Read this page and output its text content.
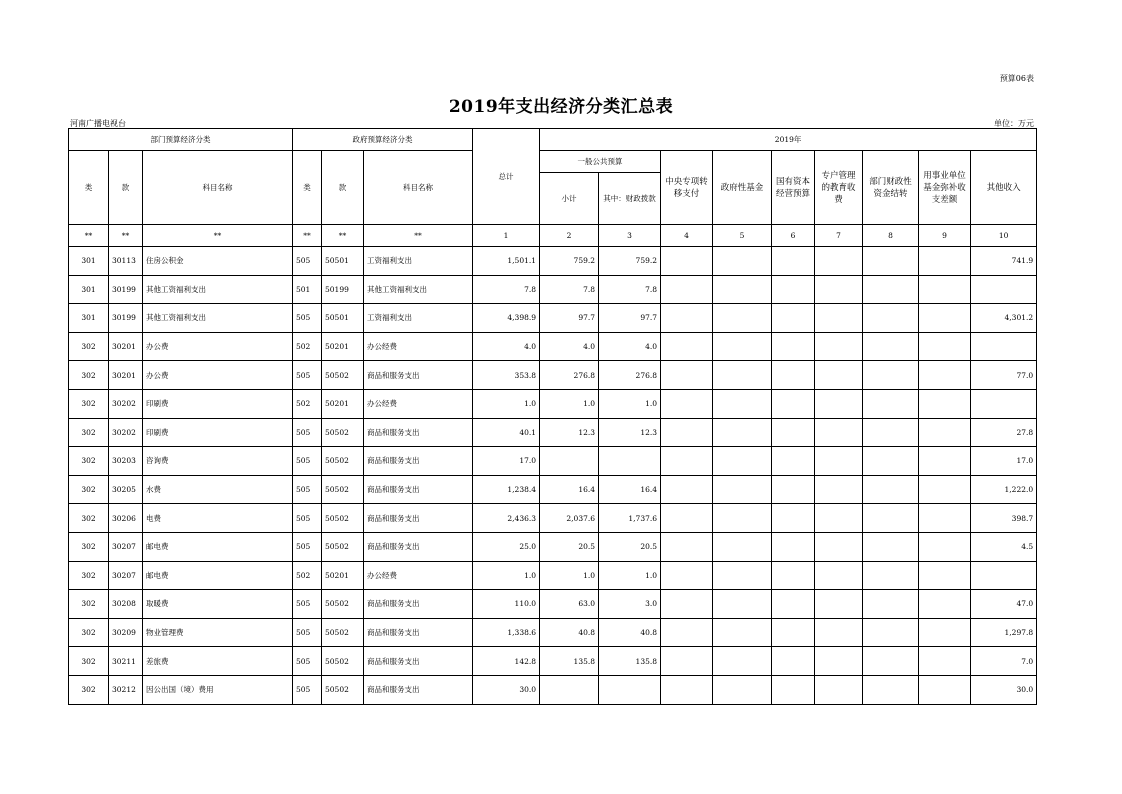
预算06表
2019年支出经济分类汇总表
河南广播电视台	单位：万元
部门预算经济分类			政府预算经济分类			总计	2019年								
类	款	科目名称	类	款	科目名称		一般公共预算		中央专项转移支付	政府性基金	国有资本经营预算	专户管理的教育收费	部门财政性资金结转	用事业单位基金弥补收支差额	其他收入
							小计	其中：财政拨款							
**	**	**	**	**	**	1	2	3	4	5	6	7	8	9	10
301	30113	住房公积金	505	50501	工资福利支出	1,501.1	759.2	759.2							741.9
301	30199	其他工资福利支出	501	50199	其他工资福利支出	7.8	7.8	7.8							
301	30199	其他工资福利支出	505	50501	工资福利支出	4,398.9	97.7	97.7							4,301.2
302	30201	办公费	502	50201	办公经费	4.0	4.0	4.0							
302	30201	办公费	505	50502	商品和服务支出	353.8	276.8	276.8							77.0
302	30202	印刷费	502	50201	办公经费	1.0	1.0	1.0							
302	30202	印刷费	505	50502	商品和服务支出	40.1	12.3	12.3							27.8
302	30203	咨询费	505	50502	商品和服务支出	17.0									17.0
302	30205	水费	505	50502	商品和服务支出	1,238.4	16.4	16.4							1,222.0
302	30206	电费	505	50502	商品和服务支出	2,436.3	2,037.6	1,737.6							398.7
302	30207	邮电费	505	50502	商品和服务支出	25.0	20.5	20.5							4.5
302	30207	邮电费	502	50201	办公经费	1.0	1.0	1.0							
302	30208	取暖费	505	50502	商品和服务支出	110.0	63.0	3.0							47.0
302	30209	物业管理费	505	50502	商品和服务支出	1,338.6	40.8	40.8							1,297.8
302	30211	差旅费	505	50502	商品和服务支出	142.8	135.8	135.8							7.0
302	30212	因公出国（境）费用	505	50502	商品和服务支出	30.0									30.0
